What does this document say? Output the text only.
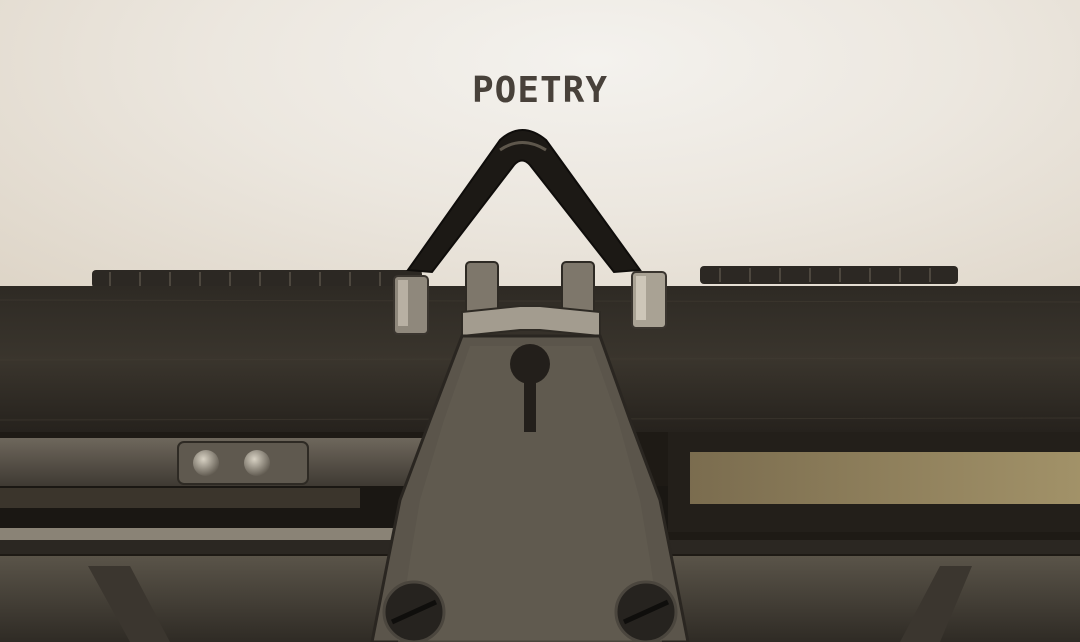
POETRY
